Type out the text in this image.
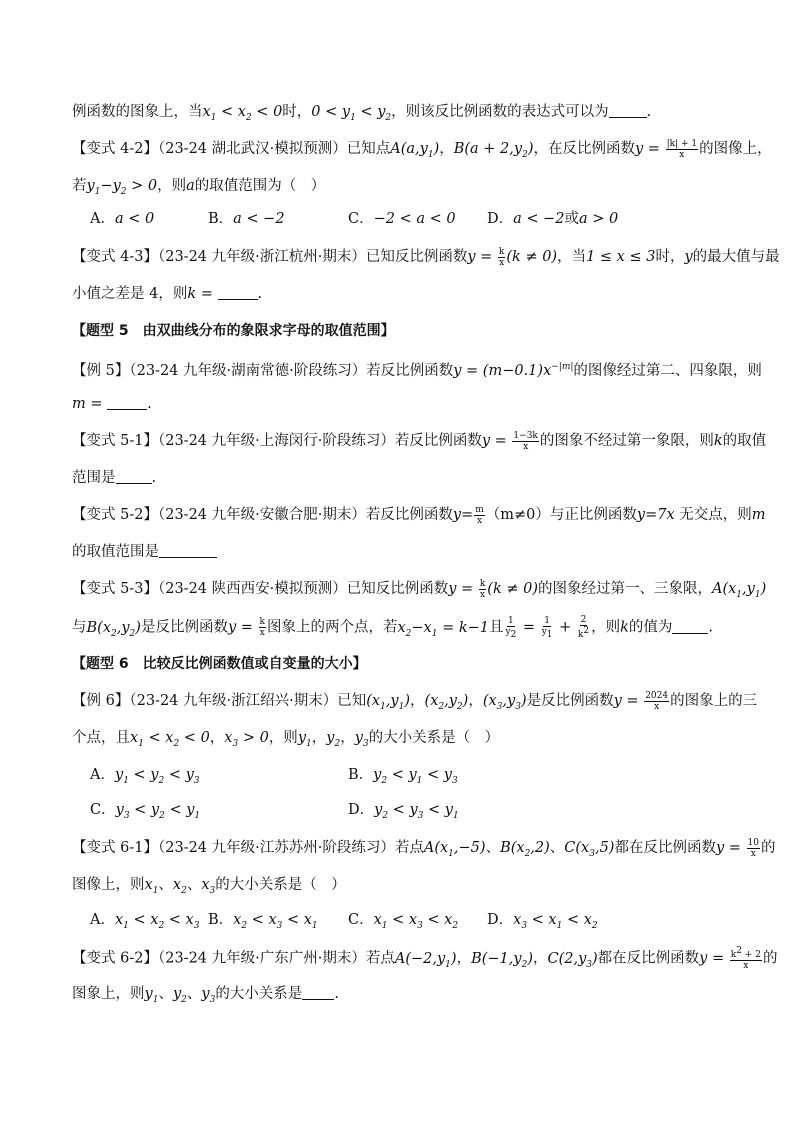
例函数的图象上，当$x_1 < x_2 < 0$时，$0 < y_1 < y_2$，则该反比例函数的表达式可以为	.
【变式 4-2】（23-24 湖北武汉·模拟预测）已知点$A(a,y_1)$，$B(a + 2,y_2)$，在反比例函数$y = \frac{|k| + 1}{x}$ 的图像上，
若$y_1-y_2 > 0$，则a的取值范围为（　）
A．a < 0	B．a < −2	C．−2 < a < 0 D．a < −2或a > 0
【变式 4-3】（23-24 九年级·浙江杭州·期末）已知反比例函数$y = \frac{k}{x} (k \ne 0)$，当1 ≤ x ≤ 3时，y的最大值与最
小值之差是 4，则k =	.
【题型 5　由双曲线分布的象限求字母的取值范围】
【例 5】（23-24 九年级·湖南常德·阶段练习）若反比例函数$y = (m-0.1)x^{-|m|}$的图像经过第二、四象限，则
m =	.
【变式 5-1】（23-24 九年级·上海闵行·阶段练习）若反比例函数$y = \frac{1-3k}{x}$ 的图象不经过第一象限，则k的取值
范围是 .
【变式 5-2】（23-24 九年级·安徽合肥·期末）若反比例函数$y= \frac{m}{x} (m\ne 0)$与正比例函数y=7x 无交点，则m
的取值范围是
【变式 5-3】（23-24 陕西西安·模拟预测）已知反比例函数$y = \frac{k}{x} (k \ne 0)$的图象经过第一、三象限，$A(x_1,y_1)$
与$B(x_2,y_2)$是反比例函数$y = \frac{k}{x}$ 图象上的两个点，若$x_2-x_1 = k-1$且 $\frac{1}{y_2} = \frac{1}{y_1} + \frac{2}{k^2}$ ，则k的值为 .
【题型 6　比较反比例函数值或自变量的大小】
【例 6】（23-24 九年级·浙江绍兴·期末）已知$(x_1,y_1)$，$(x_2,y_2)$，$(x_3,y_3)$是反比例函数$y = \frac{2024}{x}$ 的图象上的三
个点，且$x_1 < x_2 < 0$，$x_3 > 0$，则$y_1$，$y_2$，$y_3$的大小关系是（　）
A．$y_1 < y_2 < y_3$	B．$y_2 < y_1 < y_3$
C．$y_3 < y_2 < y_1$	D．$y_2 < y_3 < y_1$
【变式 6-1】（23-24 九年级·江苏苏州·阶段练习）若点$A(x_1,-5)$、$B(x_2,2)$、$C(x_3,5)$都在反比例函数$y = \frac{10}{x}$ 的
图像上，则$x_1$、$x_2$、$x_3$的大小关系是（　）
A．$x_1 < x_2 < x_3$ B．$x_2 < x_3 < x_1$ C．$x_1 < x_3 < x_2$ D．$x_3 < x_1 < x_2$
【变式 6-2】（23-24 九年级·广东广州·期末）若点$A(-2,y_1)$，$B(-1,y_2)$，$C(2,y_3)$都在反比例函数$y = \frac{k^2 + 2}{x}$ 的
图象上，则$y_1$、$y_2$、$y_3$的大小关系是 .
